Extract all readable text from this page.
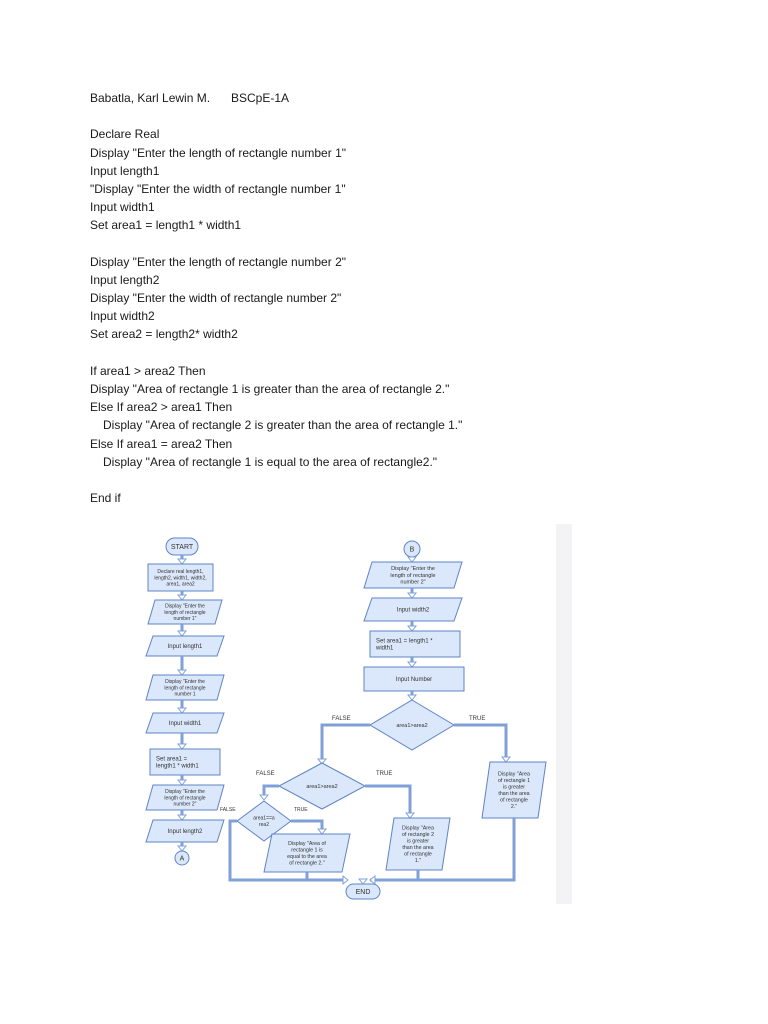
Babatla, Karl Lewin M. BSCpE-1A
Declare Real
Display "Enter the length of rectangle number 1"
Input length1
"Display "Enter the width of rectangle number 1"
Input width1
Set area1 = length1 * width1
Display "Enter the length of rectangle number 2"
Input length2
Display "Enter the width of rectangle number 2"
Input width2
Set area2 = length2* width2
If area1 > area2 Then
Display "Area of rectangle 1 is greater than the area of rectangle 2."
Else If area2 > area1 Then
Display "Area of rectangle 2 is greater than the area of rectangle 1."
Else If area1 = area2 Then
Display "Area of rectangle 1 is equal to the area of rectangle2."
End if
START
Declare real length1,
length2, width1, width2,
area1, area2
Display "Enter the
length of rectangle
number 1"
Input length1
Display "Enter the
length of rectangle
number 1
Input width1
Set area1 =
length1 * width1
Display "Enter the
length of rectangle
number 2"
Input length2
A
B
Display "Enter the
length of rectangle
number 2"
Input width2
Set area1 = length1 *
width1
Input Number
area1>area2
FALSE	TRUE
Display "Area
of rectangle 1
is greater
than the area
of rectangle
2."
area1>area2
FALSE	TRUE
Display "Area
of rectangle 2
is greater
than the area
of rectangle
1."
area1==a
rea2
FALSE	TRUE
Display "Area of
rectangle 1 is
equal to the area
of rectangle 2."
END
